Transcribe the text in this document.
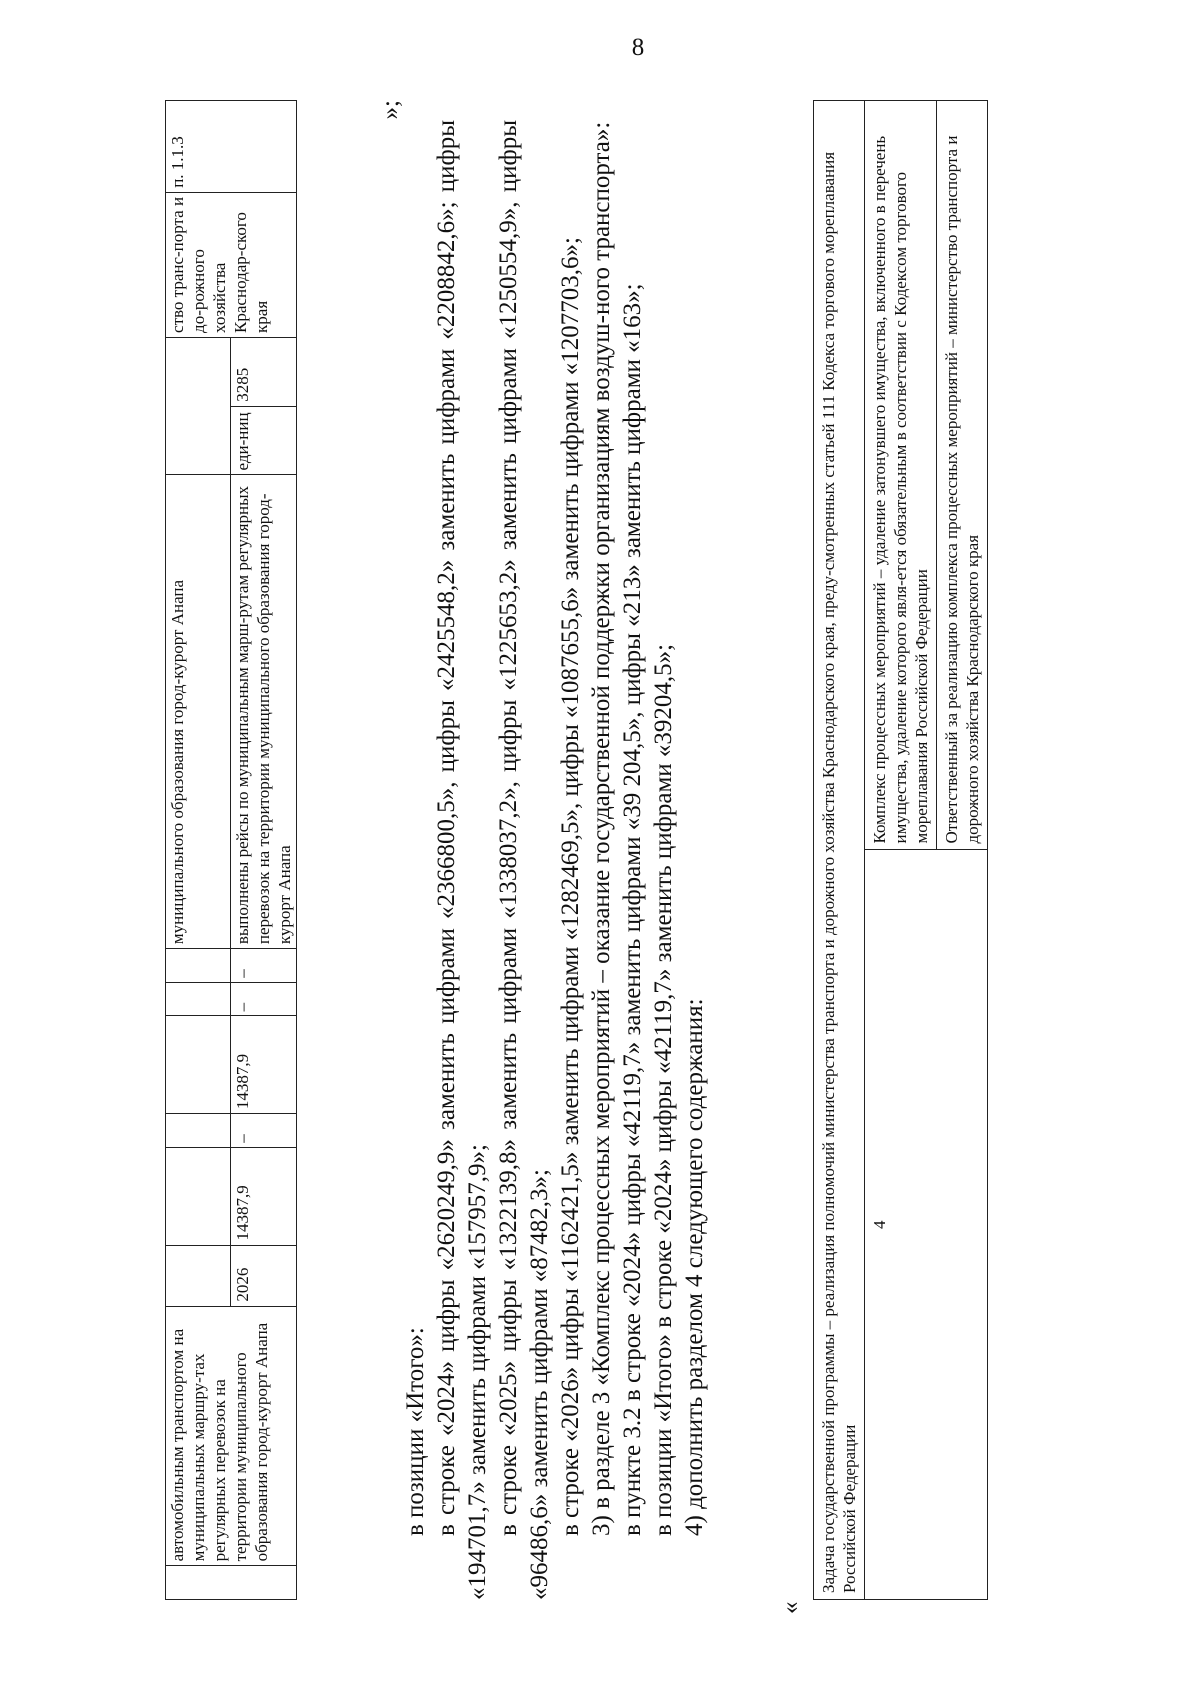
8
	автомобильным транспортом на муниципальных маршру-тах регулярных перевозок на территории муниципального образования город-курорт Анапа							муниципального образования город-курорт Анапа			ство транс-порта и до-рожного хозяйства Краснодар-ского края	п. 1.1.3
		2026	14387,9	–	14387,9	–	–	выполнены рейсы по муниципальным марш-рутам регулярных перевозок на территории муниципального образования город-курорт Анапа	еди-ниц	3285		
»;

в позиции «Итого»: в строке «2024» цифры «2620249,9» заменить цифрами «2366800,5», цифры «2425548,2» заменить цифрами «2208842,6»; цифры «194701,7» заменить цифрами «157957,9»; в строке «2025» цифры «1322139,8» заменить цифрами «1338037,2», цифры «1225653,2» заменить цифрами «1250554,9», цифры «96486,6» заменить цифрами «87482,3»; в строке «2026» цифры «1162421,5» заменить цифрами «1282469,5», цифры «1087655,6» заменить цифрами «1207703,6»; 3) в разделе 3 «Комплекс процессных мероприятий – оказание государственной поддержки организациям воздуш-ного транспорта»: в пункте 3.2 в строке «2024» цифры «42119,7» заменить цифрами «39 204,5», цифры «213» заменить цифрами «163»; в позиции «Итого» в строке «2024» цифры «42119,7» заменить цифрами «39204,5»; 4) дополнить разделом 4 следующего содержания:

«
Задача государственной программы – реализация полномочий министерства транспорта и дорожного хозяйства Краснодарского края, преду-смотренных статьей 111 Кодекса торгового мореплавания Российской Федерации
4	Комплекс процессных мероприятий – удаление затонувшего имущества, включенного в перечень имущества, удаление которого явля-ется обязательным в соответствии с Кодексом торгового мореплавания Российской Федерации
Ответственный за реализацию комплекса процессных мероприятий – министерство транспорта и дорожного хозяйства Краснодарского края
